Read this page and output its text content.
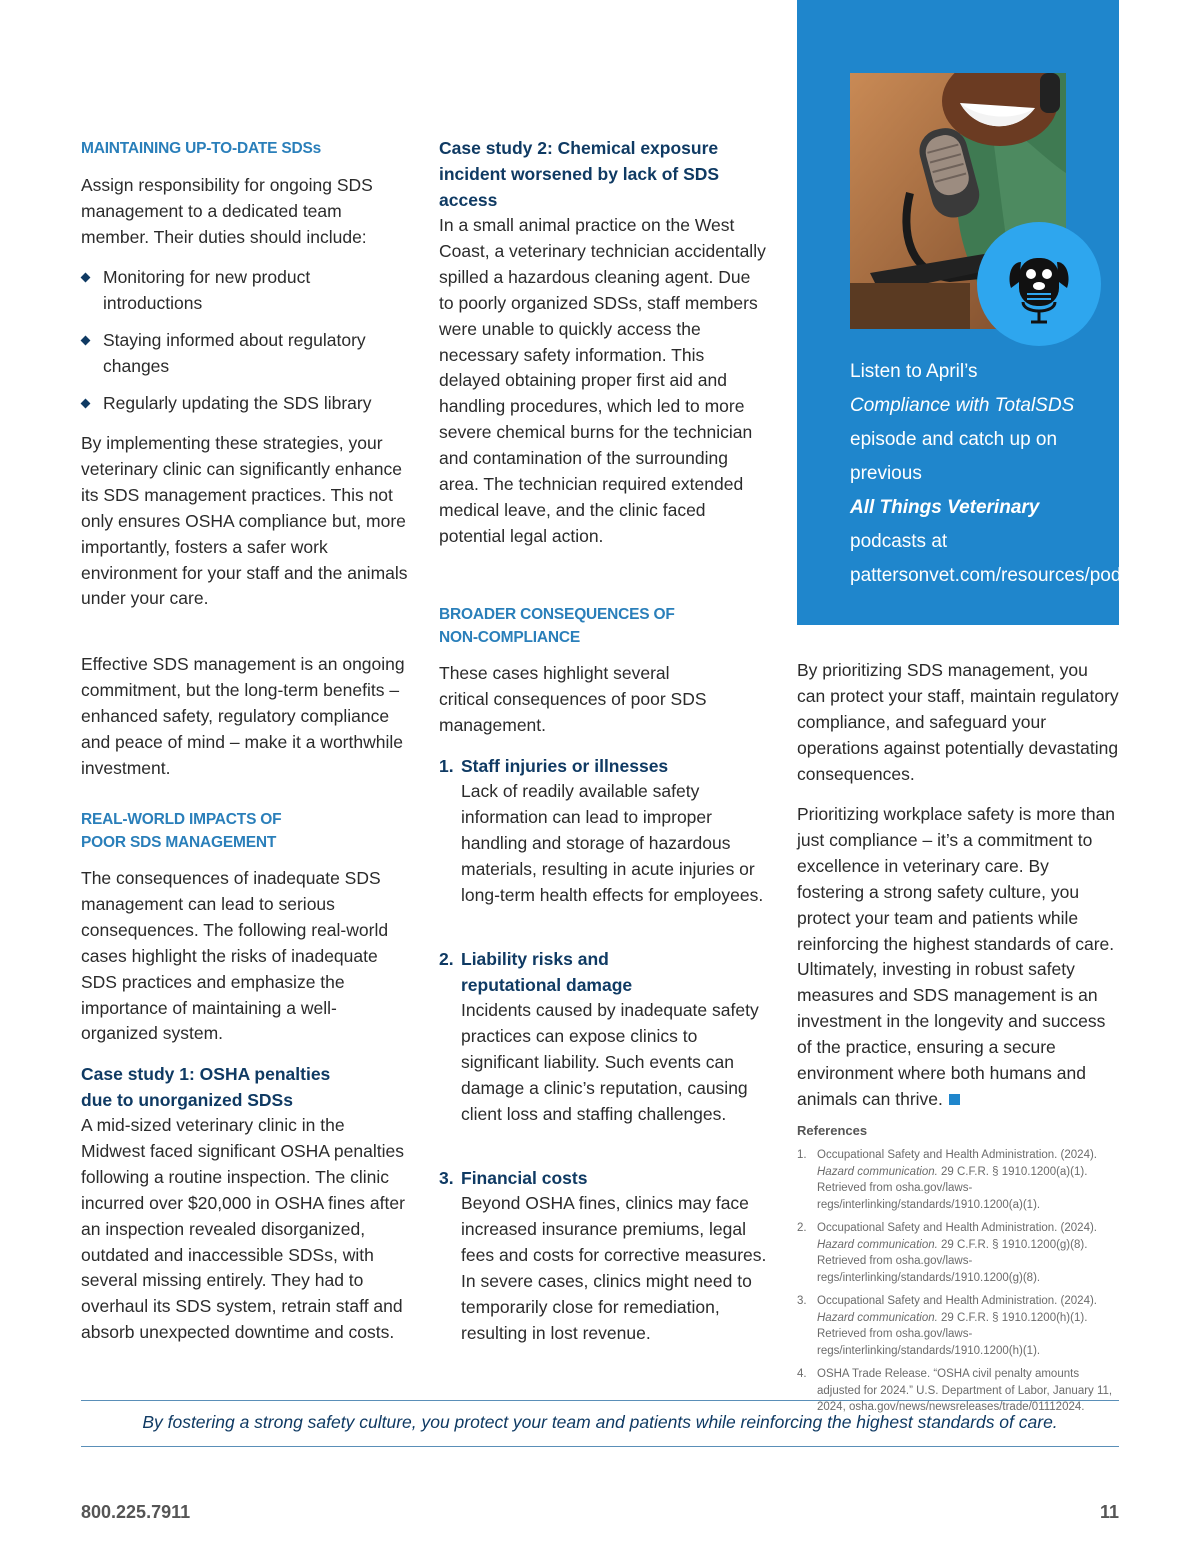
MAINTAINING UP-TO-DATE SDSs

Assign responsibility for ongoing SDS management to a dedicated team member. Their duties should include:

Monitoring for new product introductions
Staying informed about regulatory changes
Regularly updating the SDS library

By implementing these strategies, your veterinary clinic can significantly enhance its SDS management practices. This not only ensures OSHA compliance but, more importantly, fosters a safer work environment for your staff and the animals under your care.

Effective SDS management is an ongoing commitment, but the long-term benefits – enhanced safety, regulatory compliance and peace of mind – make it a worthwhile investment.

REAL-WORLD IMPACTS OF POOR SDS MANAGEMENT

The consequences of inadequate SDS management can lead to serious consequences. The following real-world cases highlight the risks of inadequate SDS practices and emphasize the importance of maintaining a well-organized system.

Case study 1: OSHA penalties due to unorganized SDSs

A mid-sized veterinary clinic in the Midwest faced significant OSHA penalties following a routine inspection. The clinic incurred over $20,000 in OSHA fines after an inspection revealed disorganized, outdated and inaccessible SDSs, with several missing entirely. They had to overhaul its SDS system, retrain staff and absorb unexpected downtime and costs.

Case study 2: Chemical exposure incident worsened by lack of SDS access

In a small animal practice on the West Coast, a veterinary technician accidentally spilled a hazardous cleaning agent. Due to poorly organized SDSs, staff members were unable to quickly access the necessary safety information. This delayed obtaining proper first aid and handling procedures, which led to more severe chemical burns for the technician and contamination of the surrounding area. The technician required extended medical leave, and the clinic faced potential legal action.

BROADER CONSEQUENCES OF NON-COMPLIANCE

These cases highlight several critical consequences of poor SDS management.

1. Staff injuries or illnesses

Lack of readily available safety information can lead to improper handling and storage of hazardous materials, resulting in acute injuries or long-term health effects for employees.

2. Liability risks and reputational damage

Incidents caused by inadequate safety practices can expose clinics to significant liability. Such events can damage a clinic’s reputation, causing client loss and staffing challenges.

3. Financial costs

Beyond OSHA fines, clinics may face increased insurance premiums, legal fees and costs for corrective measures. In severe cases, clinics might need to temporarily close for remediation, resulting in lost revenue.

Listen to April’s
Compliance with TotalSDS episode and catch up on previous
All Things Veterinary
podcasts at pattersonvet.com/resources/podcast.

By prioritizing SDS management, you can protect your staff, maintain regulatory compliance, and safeguard your operations against potentially devastating consequences.

Prioritizing workplace safety is more than just compliance – it’s a commitment to excellence in veterinary care. By fostering a strong safety culture, you protect your team and patients while reinforcing the highest standards of care. Ultimately, investing in robust safety measures and SDS management is an investment in the longevity and success of the practice, ensuring a secure environment where both humans and animals can thrive.

References

1. Occupational Safety and Health Administration. (2024). Hazard communication. 29 C.F.R. § 1910.1200(a)(1). Retrieved from osha.gov/laws-regs/interlinking/standards/1910.1200(a)(1).

2. Occupational Safety and Health Administration. (2024). Hazard communication. 29 C.F.R. § 1910.1200(g)(8). Retrieved from osha.gov/laws-regs/interlinking/standards/1910.1200(g)(8).

3. Occupational Safety and Health Administration. (2024). Hazard communication. 29 C.F.R. § 1910.1200(h)(1). Retrieved from osha.gov/laws-regs/interlinking/standards/1910.1200(h)(1).

4. OSHA Trade Release. “OSHA civil penalty amounts adjusted for 2024.” U.S. Department of Labor, January 11, 2024, osha.gov/news/newsreleases/trade/01112024.

By fostering a strong safety culture, you protect your team and patients while reinforcing the highest standards of care.
800.225.7911	11
